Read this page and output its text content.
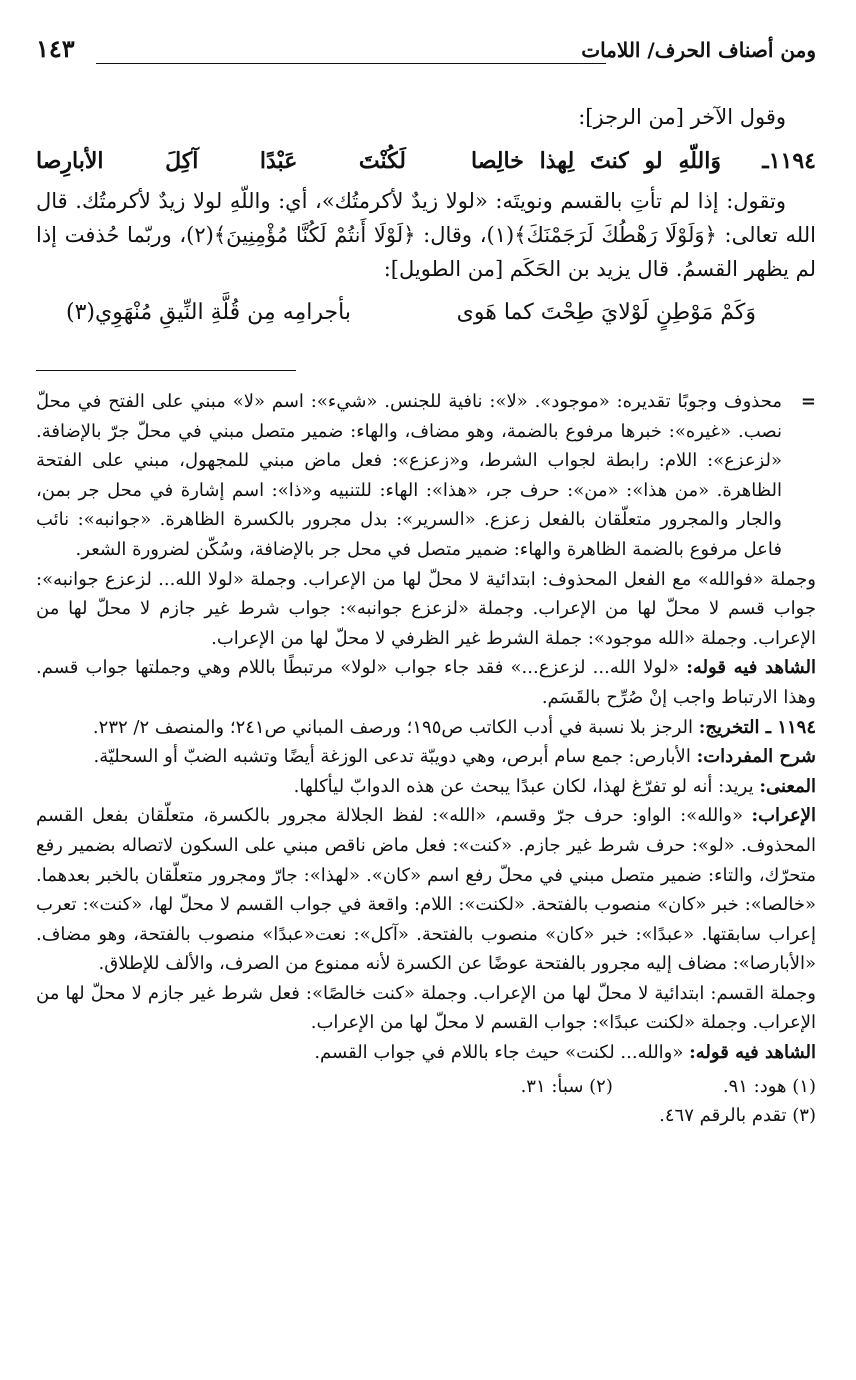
ومن أصناف الحرف/ اللامات
١٤٣
وقول الآخر [من الرجز]:
١١٩٤ـ
وَاللّهِ لو كنتَ لِهذا خالِصا
لَكُنْتَ عَبْدًا آكِلَ الأبارِصا

وتقول: إذا لم تأتِ بالقسم ونويتَه: «لولا زيدٌ لأكرمتُك»، أي: واللّهِ لولا زيدٌ لأكرمتُك. قال الله تعالى: ﴿وَلَوْلَا رَهْطُكَ لَرَجَمْنَكَ﴾(١)، وقال: ﴿لَوْلَا أَنتُمْ لَكُنَّا مُؤْمِنِينَ﴾(٢)، وربّما حُذفت إذا لم يظهر القسمُ. قال يزيد بن الحَكَم [من الطويل]:

وَكَمْ مَوْطِنٍ لَوْلايَ طِحْتَ كما هَوى
بأجرامِه مِن قُلَّةِ النِّيقِ مُنْهَوِي(٣)

=
محذوف وجوبًا تقديره: «موجود». «لا»: نافية للجنس. «شيء»: اسم «لا» مبني على الفتح في محلّ نصب. «غيره»: خبرها مرفوع بالضمة، وهو مضاف، والهاء: ضمير متصل مبني في محلّ جرّ بالإضافة. «لزعزع»: اللام: رابطة لجواب الشرط، و«زعزع»: فعل ماض مبني للمجهول، مبني على الفتحة الظاهرة. «من هذا»: «من»: حرف جر، «هذا»: الهاء: للتنبيه و«ذا»: اسم إشارة في محل جر بمن، والجار والمجرور متعلّقان بالفعل زعزع. «السرير»: بدل مجرور بالكسرة الظاهرة. «جوانبه»: نائب فاعل مرفوع بالضمة الظاهرة والهاء: ضمير متصل في محل جر بالإضافة، وسُكّن لضرورة الشعر.

وجملة «فوالله» مع الفعل المحذوف: ابتدائية لا محلّ لها من الإعراب. وجملة «لولا الله... لزعزع جوانبه»: جواب قسم لا محلّ لها من الإعراب. وجملة «لزعزع جوانبه»: جواب شرط غير جازم لا محلّ لها من الإعراب. وجملة «الله موجود»: جملة الشرط غير الظرفي لا محلّ لها من الإعراب.

الشاهد فيه قوله: «لولا الله... لزعزع...» فقد جاء جواب «لولا» مرتبطًا باللام وهي وجملتها جواب قسم. وهذا الارتباط واجب إنْ صُرِّح بالقَسَم.

١١٩٤ ـ التخريج: الرجز بلا نسبة في أدب الكاتب ص١٩٥؛ ورصف المباني ص٢٤١؛ والمنصف ٢/ ٢٣٢.

شرح المفردات: الأبارص: جمع سام أبرص، وهي دويبّة تدعى الوزغة أيضًا وتشبه الضبّ أو السحليّة.

المعنى: يريد: أنه لو تفرّغ لهذا، لكان عبدًا يبحث عن هذه الدوابّ ليأكلها.

الإعراب: «والله»: الواو: حرف جرّ وقسم، «الله»: لفظ الجلالة مجرور بالكسرة، متعلّقان بفعل القسم المحذوف. «لو»: حرف شرط غير جازم. «كنت»: فعل ماض ناقص مبني على السكون لاتصاله بضمير رفع متحرّك، والتاء: ضمير متصل مبني في محلّ رفع اسم «كان». «لهذا»: جارّ ومجرور متعلّقان بالخبر بعدهما. «خالصا»: خبر «كان» منصوب بالفتحة. «لكنت»: اللام: واقعة في جواب القسم لا محلّ لها، «كنت»: تعرب إعراب سابقتها. «عبدًا»: خبر «كان» منصوب بالفتحة. «آكل»: نعت«عبدًا» منصوب بالفتحة، وهو مضاف. «الأبارصا»: مضاف إليه مجرور بالفتحة عوضًا عن الكسرة لأنه ممنوع من الصرف، والألف للإطلاق.

وجملة القسم: ابتدائية لا محلّ لها من الإعراب. وجملة «كنت خالصًا»: فعل شرط غير جازم لا محلّ لها من الإعراب. وجملة «لكنت عبدًا»: جواب القسم لا محلّ لها من الإعراب.

الشاهد فيه قوله: «والله... لكنت» حيث جاء باللام في جواب القسم.

(١) هود: ٩١.
(٢) سبأ: ٣١.
(٣) تقدم بالرقم ٤٦٧.
